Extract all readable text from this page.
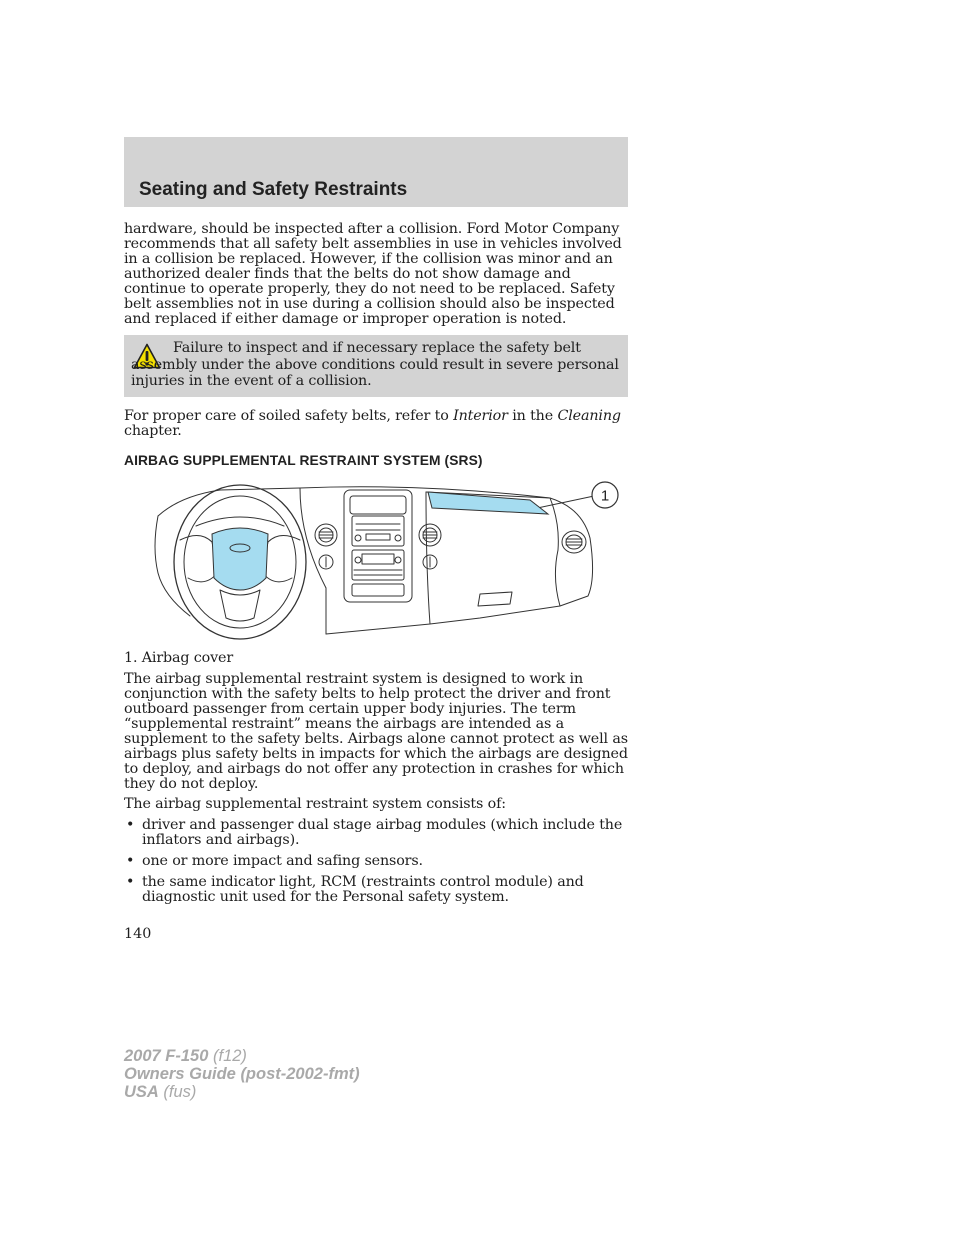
Seating and Safety Restraints
hardware, should be inspected after a collision. Ford Motor Company recommends that all safety belt assemblies in use in vehicles involved in a collision be replaced. However, if the collision was minor and an authorized dealer finds that the belts do not show damage and continue to operate properly, they do not need to be replaced. Safety belt assemblies not in use during a collision should also be inspected and replaced if either damage or improper operation is noted.
Failure to inspect and if necessary replace the safety belt assembly under the above conditions could result in severe personal injuries in the event of a collision.
For proper care of soiled safety belts, refer to Interior in the Cleaning chapter.
AIRBAG SUPPLEMENTAL RESTRAINT SYSTEM (SRS)
1
1. Airbag cover
The airbag supplemental restraint system is designed to work in conjunction with the safety belts to help protect the driver and front outboard passenger from certain upper body injuries. The term “supplemental restraint” means the airbags are intended as a supplement to the safety belts. Airbags alone cannot protect as well as airbags plus safety belts in impacts for which the airbags are designed to deploy, and airbags do not offer any protection in crashes for which they do not deploy.
The airbag supplemental restraint system consists of:
• driver and passenger dual stage airbag modules (which include the inflators and airbags).
• one or more impact and safing sensors.
• the same indicator light, RCM (restraints control module) and diagnostic unit used for the Personal safety system.
140
2007 F-150 (f12)
Owners Guide (post-2002-fmt)
USA (fus)
